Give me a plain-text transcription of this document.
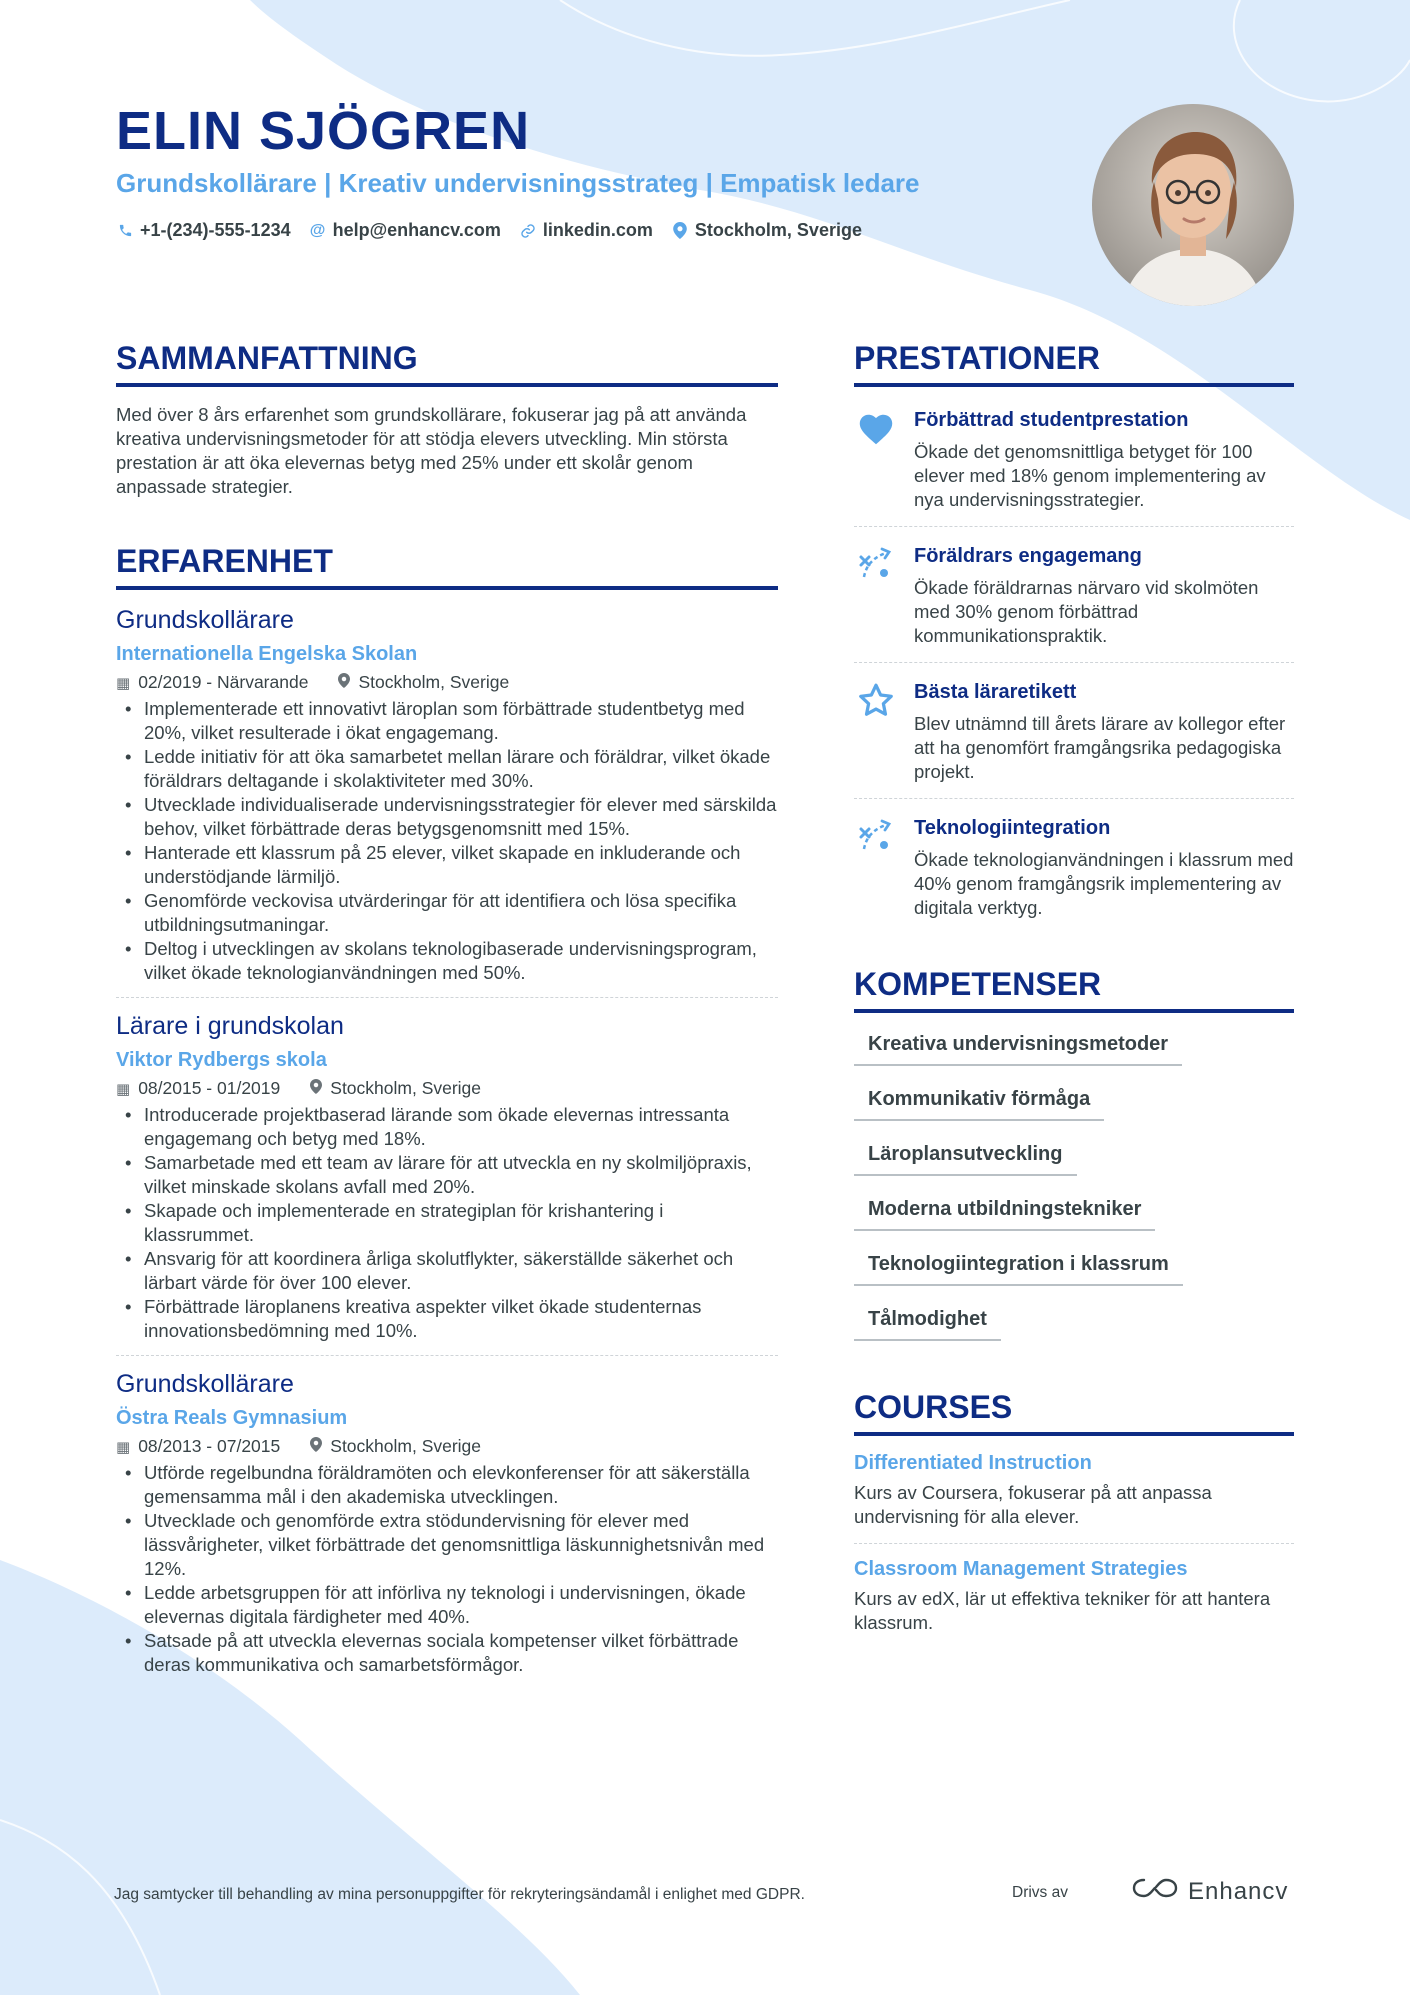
ELIN SJÖGREN
Grundskollärare | Kreativ undervisningsstrateg | Empatisk ledare
+1-(234)-555-1234 @ help@enhancv.com linkedin.com Stockholm, Sverige
SAMMANFATTNING
Med över 8 års erfarenhet som grundskollärare, fokuserar jag på att använda kreativa undervisningsmetoder för att stödja elevers utveckling. Min största prestation är att öka elevernas betyg med 25% under ett skolår genom anpassade strategier.
ERFARENHET
Grundskollärare
Internationella Engelska Skolan
▦ 02/2019 - Närvarande	Stockholm, Sverige
• Implementerade ett innovativt läroplan som förbättrade studentbetyg med 20%, vilket resulterade i ökat engagemang.
• Ledde initiativ för att öka samarbetet mellan lärare och föräldrar, vilket ökade föräldrars deltagande i skolaktiviteter med 30%.
• Utvecklade individualiserade undervisningsstrategier för elever med särskilda behov, vilket förbättrade deras betygsgenomsnitt med 15%.
• Hanterade ett klassrum på 25 elever, vilket skapade en inkluderande och understödjande lärmiljö.
• Genomförde veckovisa utvärderingar för att identifiera och lösa specifika utbildningsutmaningar.
• Deltog i utvecklingen av skolans teknologibaserade undervisningsprogram, vilket ökade teknologianvändningen med 50%.
Lärare i grundskolan
Viktor Rydbergs skola
▦ 08/2015 - 01/2019	Stockholm, Sverige
• Introducerade projektbaserad lärande som ökade elevernas intressanta engagemang och betyg med 18%.
• Samarbetade med ett team av lärare för att utveckla en ny skolmiljöpraxis, vilket minskade skolans avfall med 20%.
• Skapade och implementerade en strategiplan för krishantering i klassrummet.
• Ansvarig för att koordinera årliga skolutflykter, säkerställde säkerhet och lärbart värde för över 100 elever.
• Förbättrade läroplanens kreativa aspekter vilket ökade studenternas innovationsbedömning med 10%.
Grundskollärare
Östra Reals Gymnasium
▦ 08/2013 - 07/2015	Stockholm, Sverige
• Utförde regelbundna föräldramöten och elevkonferenser för att säkerställa gemensamma mål i den akademiska utvecklingen.
• Utvecklade och genomförde extra stödundervisning för elever med lässvårigheter, vilket förbättrade det genomsnittliga läskunnighetsnivån med 12%.
• Ledde arbetsgruppen för att införliva ny teknologi i undervisningen, ökade elevernas digitala färdigheter med 40%.
• Satsade på att utveckla elevernas sociala kompetenser vilket förbättrade deras kommunikativa och samarbetsförmågor.
PRESTATIONER
Förbättrad studentprestation
Ökade det genomsnittliga betyget för 100 elever med 18% genom implementering av nya undervisningsstrategier.
Föräldrars engagemang
Ökade föräldrarnas närvaro vid skolmöten med 30% genom förbättrad kommunikationspraktik.
Bästa läraretikett
Blev utnämnd till årets lärare av kollegor efter att ha genomfört framgångsrika pedagogiska projekt.
Teknologiintegration
Ökade teknologianvändningen i klassrum med 40% genom framgångsrik implementering av digitala verktyg.
KOMPETENSER
Kreativa undervisningsmetoder
Kommunikativ förmåga
Läroplansutveckling
Moderna utbildningstekniker
Teknologiintegration i klassrum
Tålmodighet
COURSES
Differentiated Instruction
Kurs av Coursera, fokuserar på att anpassa undervisning för alla elever.
Classroom Management Strategies
Kurs av edX, lär ut effektiva tekniker för att hantera klassrum.
Jag samtycker till behandling av mina personuppgifter för rekryteringsändamål i enlighet med GDPR.	Drivs av	Enhancv
